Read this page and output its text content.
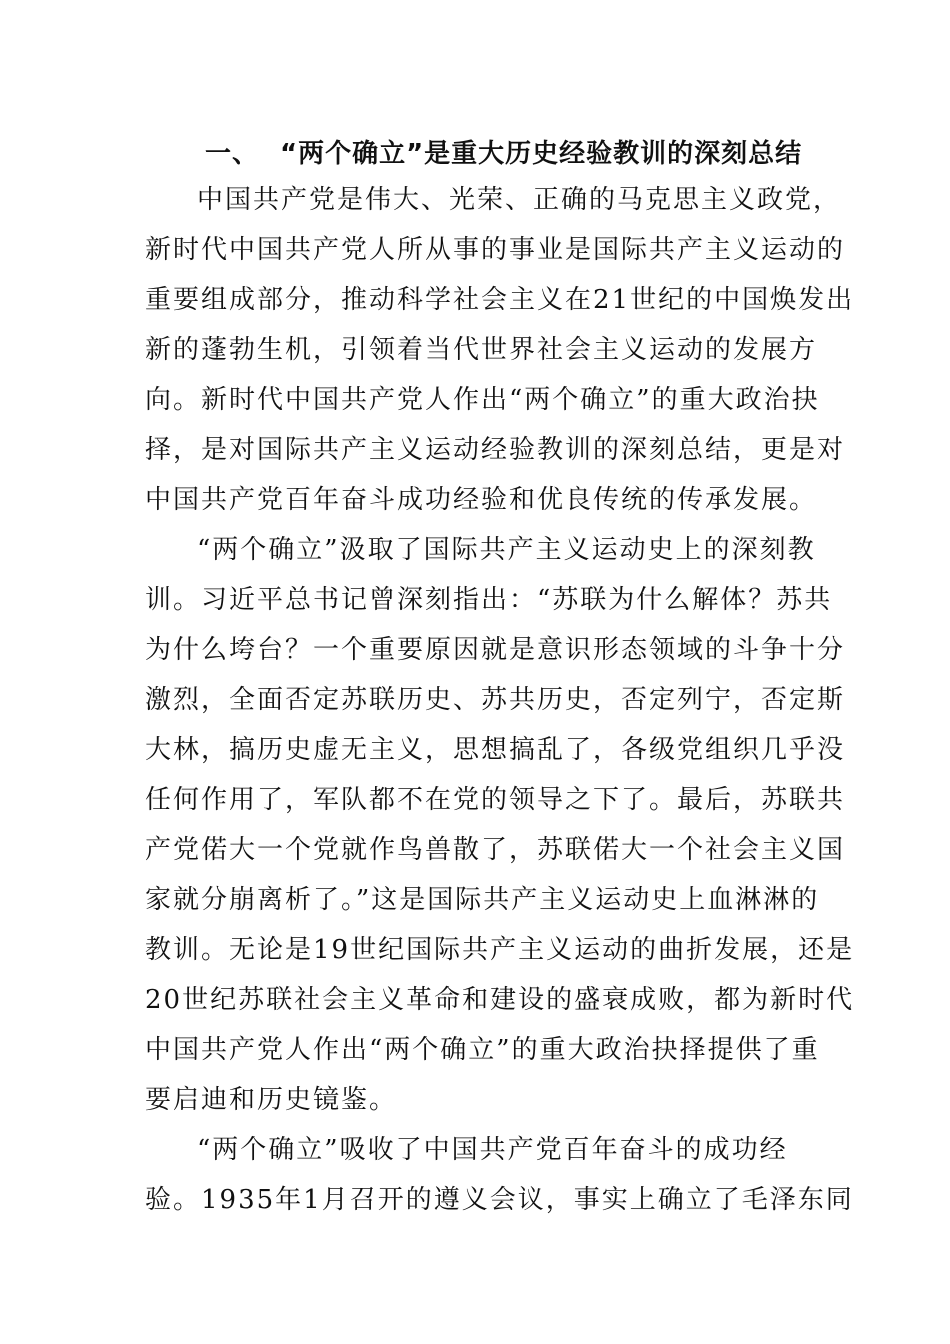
一、 “两个确立”是重大历史经验教训的深刻总结
中国共产党是伟大、光荣、正确的马克思主义政党，
新时代中国共产党人所从事的事业是国际共产主义运动的
重要组成部分，推动科学社会主义在21世纪的中国焕发出
新的蓬勃生机，引领着当代世界社会主义运动的发展方
向。新时代中国共产党人作出“两个确立”的重大政治抉
择，是对国际共产主义运动经验教训的深刻总结，更是对
中国共产党百年奋斗成功经验和优良传统的传承发展。
“两个确立”汲取了国际共产主义运动史上的深刻教
训。习近平总书记曾深刻指出：“苏联为什么解体？苏共
为什么垮台？一个重要原因就是意识形态领域的斗争十分
激烈，全面否定苏联历史、苏共历史，否定列宁，否定斯
大林，搞历史虚无主义，思想搞乱了，各级党组织几乎没
任何作用了，军队都不在党的领导之下了。最后，苏联共
产党偌大一个党就作鸟兽散了，苏联偌大一个社会主义国
家就分崩离析了。”这是国际共产主义运动史上血淋淋的
教训。无论是19世纪国际共产主义运动的曲折发展，还是
20世纪苏联社会主义革命和建设的盛衰成败，都为新时代
中国共产党人作出“两个确立”的重大政治抉择提供了重
要启迪和历史镜鉴。
“两个确立”吸收了中国共产党百年奋斗的成功经
验。1935年1月召开的遵义会议，事实上确立了毛泽东同
